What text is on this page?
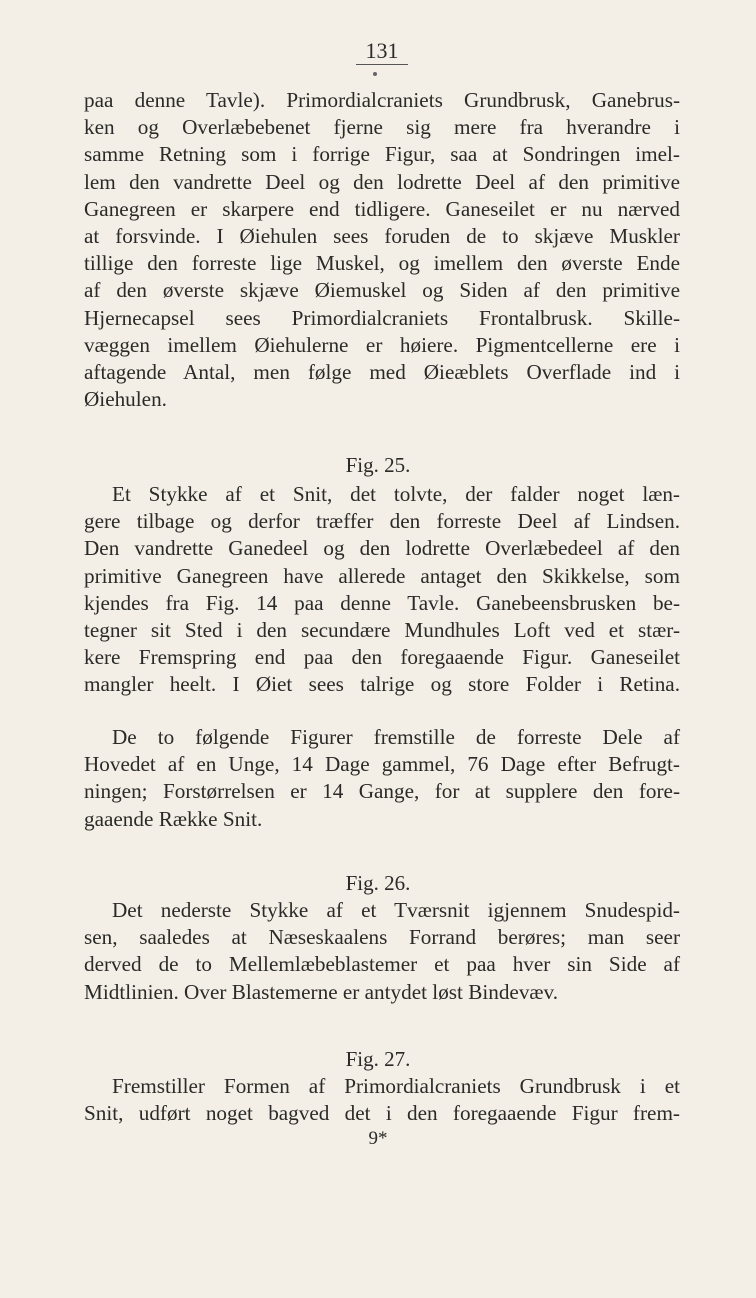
131
paa denne Tavle). Primordialcraniets Grundbrusk, Ganebrus-
ken og Overlæbebenet fjerne sig mere fra hverandre i
samme Retning som i forrige Figur, saa at Sondringen imel-
lem den vandrette Deel og den lodrette Deel af den primitive
Ganegreen er skarpere end tidligere. Ganeseilet er nu nærved
at forsvinde. I Øiehulen sees foruden de to skjæve Muskler
tillige den forreste lige Muskel, og imellem den øverste Ende
af den øverste skjæve Øiemuskel og Siden af den primitive
Hjernecapsel sees Primordialcraniets Frontalbrusk. Skille-
væggen imellem Øiehulerne er høiere. Pigmentcellerne ere i
aftagende Antal, men følge med Øieæblets Overflade ind i
Øiehulen.
Fig. 25.
Et Stykke af et Snit, det tolvte, der falder noget læn-
gere tilbage og derfor træffer den forreste Deel af Lindsen.
Den vandrette Ganedeel og den lodrette Overlæbedeel af den
primitive Ganegreen have allerede antaget den Skikkelse, som
kjendes fra Fig. 14 paa denne Tavle. Ganebeensbrusken be-
tegner sit Sted i den secundære Mundhules Loft ved et stær-
kere Fremspring end paa den foregaaende Figur. Ganeseilet
mangler heelt. I Øiet sees talrige og store Folder i Retina.
De to følgende Figurer fremstille de forreste Dele af
Hovedet af en Unge, 14 Dage gammel, 76 Dage efter Befrugt-
ningen; Forstørrelsen er 14 Gange, for at supplere den fore-
gaaende Række Snit.
Fig. 26.
Det nederste Stykke af et Tværsnit igjennem Snudespid-
sen, saaledes at Næseskaalens Forrand berøres; man seer
derved de to Mellemlæbeblastemer et paa hver sin Side af
Midtlinien. Over Blastemerne er antydet løst Bindevæv.
Fig. 27.
Fremstiller Formen af Primordialcraniets Grundbrusk i et
Snit, udført noget bagved det i den foregaaende Figur frem-
9*
